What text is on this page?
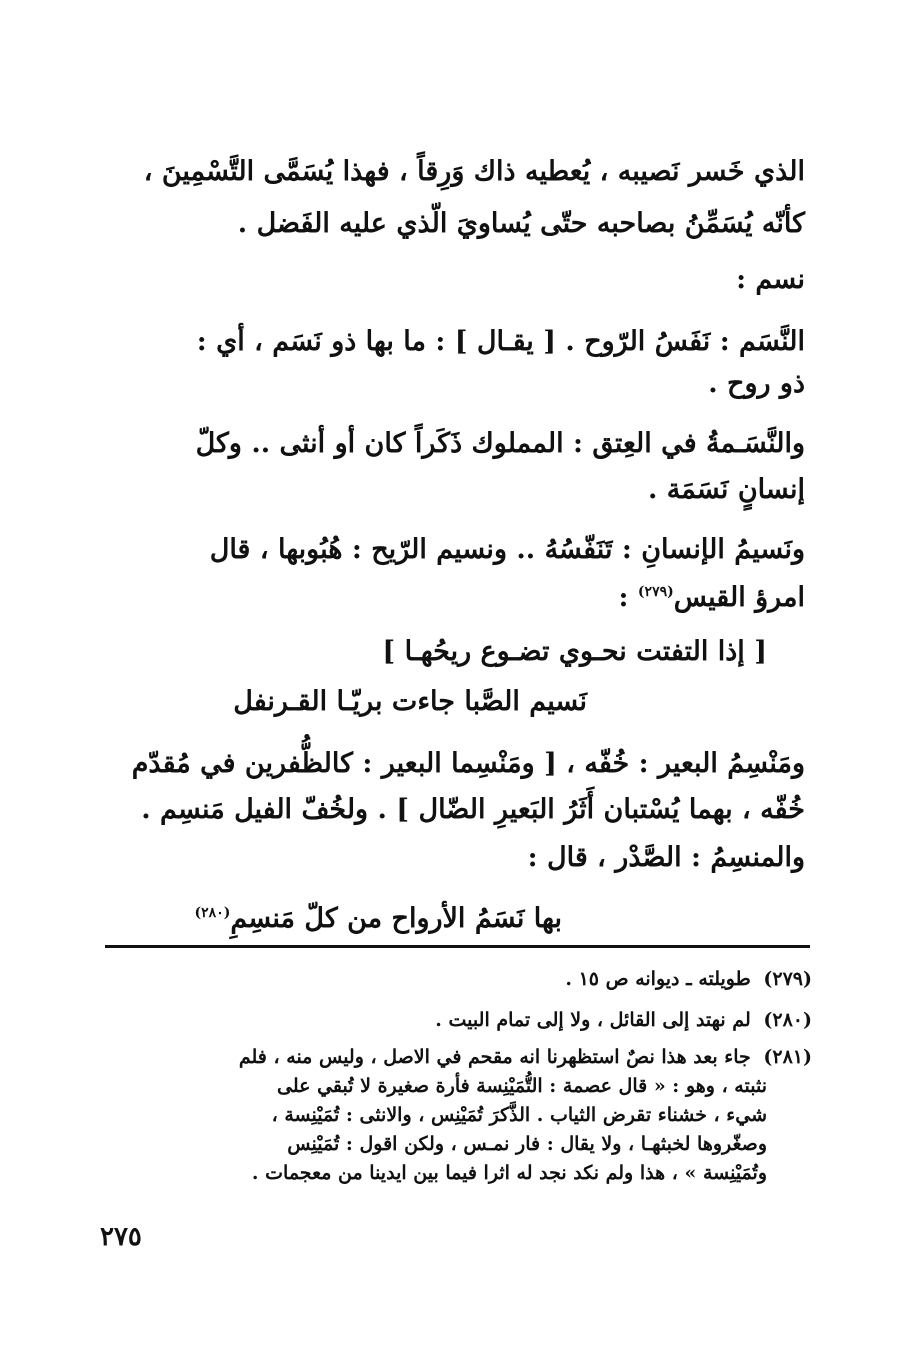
الذي خَسر نَصيبه ، يُعطيه ذاك وَرِقاً ، فهذا يُسَمَّى التَّسْمِينَ ،
كأنّه يُسَمِّنُ بصاحبه حتّى يُساويَ الّذي عليه الفَضل .
نسم :
النَّسَم : نَفَسُ الرّوح . [ يقـال ] : ما بها ذو نَسَم ، أي :
ذو روح .
والنَّسَـمةُ في العِتق : المملوك ذَكَراً كان أو أنثى .. وكلّ
إنسانٍ نَسَمَة .
ونَسيمُ الإنسانِ : تَنَفّسُهُ .. ونسيم الرّيح : هُبُوبها ، قال
امرؤ القيس$^{(٢٧٩)}$ :
[ إذا التفتت نحـوي تضـوع ريحُهـا ]
نَسيم الصَّبا جاءت بريّـا القـرنفل
ومَنْسِمُ البعير : خُفّه ، [ ومَنْسِما البعير : كالظُّفرين في مُقدّم
خُفّه ، بهما يُسْتبان أَثَرُ البَعيرِ الضّال ] . ولخُفّ الفيل مَنسِم .
والمنسِمُ : الصَّدْر ، قال :
بها نَسَمُ الأرواح من كلّ مَنسِمِ$^{(٢٨٠)}$
(٢٧٩) طويلته ـ ديوانه ص ١٥ .
(٢٨٠) لم نهتد إلى القائل ، ولا إلى تمام البيت .
(٢٨١) جاء بعد هذا نصٌ استظهرنا انه مقحم في الاصل ، وليس منه ، فلم
نثبته ، وهو : « قال عصمة : التُّمَيْنِسة فأرة صغيرة لا تُبقي على
شيء ، خشناء تقرض الثياب . الذَّكرَ تُمَيْنِس ، والانثى : تُمَيْنِسة ،
وصغّروها لخبثهـا ، ولا يقال : فار نمـس ، ولكن اقول : تُمَيْنِس
وتُمَيْنِسة » ، هذا ولم نكد نجد له اثرا فيما بين ايدينا من معجمات .
٢٧٥
